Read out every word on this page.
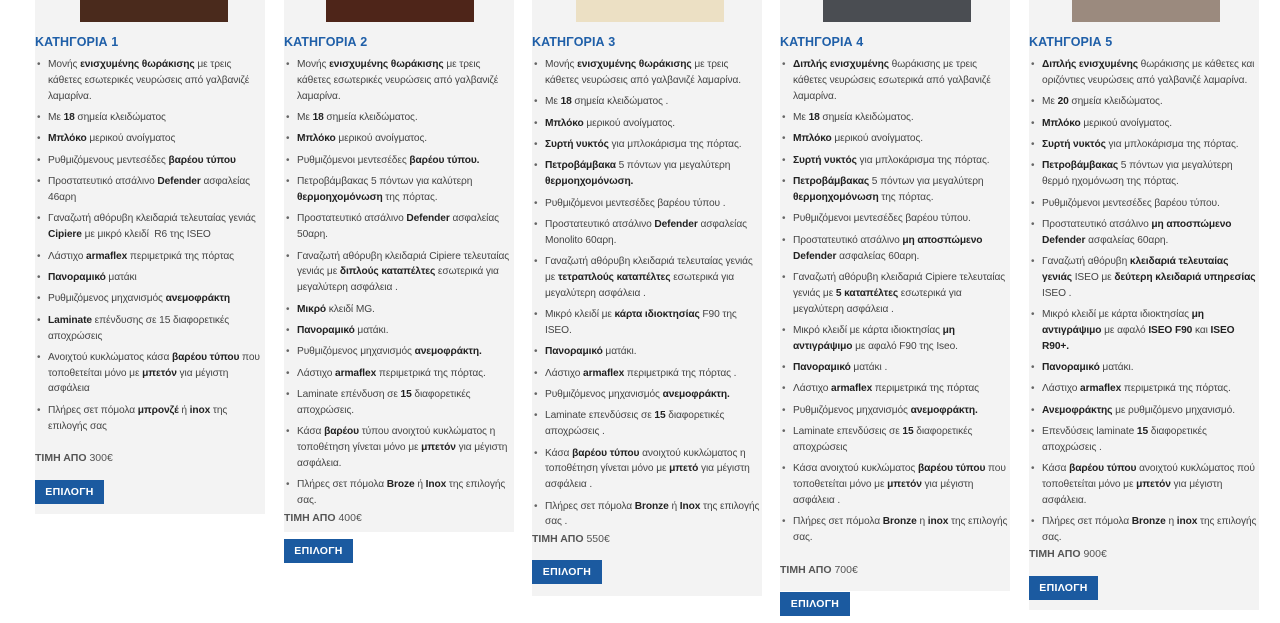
ΚΑΤΗΓΟΡΙΑ 1
• Μονής ενισχυμένης θωράκισης με τρεις κάθετες εσωτερικές νευρώσεις από γαλβανιζέ λαμαρίνα.
• Με 18 σημεία κλειδώματος
• Μπλόκο μερικού ανοίγματος
• Ρυθμιζόμενους μεντεσέδες βαρέου τύπου
• Προστατευτικό ατσάλινο Defender ασφαλείας 46αρη
• Γαναζωτή αθόρυβη κλειδαριά τελευταίας γενιάς Cipiere με μικρό κλειδί  R6 της ISEO
• Λάστιχο armaflex περιμετρικά της πόρτας
• Πανοραμικό ματάκι
• Ρυθμιζόμενος μηχανισμός ανεμοφράκτη
• Laminate επένδυσης σε 15 διαφορετικές αποχρώσεις
• Ανοιχτού κυκλώματος κάσα βαρέου τύπου που τοποθετείται μόνο με μπετόν για μέγιστη ασφάλεια
• Πλήρες σετ πόμολα μπρονζέ ή inox της επιλογής σας
ΤΙΜΗ ΑΠΟ 300€
ΕΠΙΛΟΓΗ
ΚΑΤΗΓΟΡΙΑ 2
• Μονής ενισχυμένης θωράκισης με τρεις κάθετες εσωτερικές νευρώσεις από γαλβανιζέ λαμαρίνα.
• Με 18 σημεία κλειδώματος.
• Μπλόκο μερικού ανοίγματος.
• Ρυθμιζόμενοι μεντεσέδες βαρέου τύπου.
• Πετροβάμβακας 5 πόντων για καλύτερη θερμοηχομόνωση της πόρτας.
• Προστατευτικό ατσάλινο Defender ασφαλείας 50αρη.
• Γαναζωτή αθόρυβη κλειδαριά Cipiere τελευταίας γενιάς με διπλούς καταπέλτες εσωτερικά για μεγαλύτερη ασφάλεια .
• Μικρό κλειδί MG.
• Πανοραμικό ματάκι.
• Ρυθμιζόμενος μηχανισμός ανεμοφράκτη.
• Λάστιχο armaflex περιμετρικά της πόρτας.
• Laminate επένδυση σε 15 διαφορετικές αποχρώσεις.
• Κάσα βαρέου τύπου ανοιχτού κυκλώματος η τοποθέτηση γίνεται μόνο με μπετόν για μέγιστη ασφάλεια.
• Πλήρες σετ πόμολα Broze ή Inox της επιλογής σας.
ΤΙΜΗ ΑΠΟ 400€
ΕΠΙΛΟΓΗ
ΚΑΤΗΓΟΡΙΑ 3
• Μονής ενισχυμένης θωράκισης με τρεις κάθετες νευρώσεις από γαλβανιζέ λαμαρίνα.
• Με 18 σημεία κλειδώματος .
• Μπλόκο μερικού ανοίγματος.
• Συρτή νυκτός για μπλοκάρισμα της πόρτας.
• Πετροβάμβακα 5 πόντων για μεγαλύτερη θερμοηχομόνωση.
• Ρυθμιζόμενοι μεντεσέδες βαρέου τύπου .
• Προστατευτικό ατσάλινο Defender ασφαλείας Monolito 60αρη.
• Γαναζωτή αθόρυβη κλειδαριά τελευταίας γενιάς με τετραπλούς καταπέλτες εσωτερικά για μεγαλύτερη ασφάλεια .
• Μικρό κλειδί με κάρτα ιδιοκτησίας F90 της ISEO.
• Πανοραμικό ματάκι.
• Λάστιχο armaflex περιμετρικά της πόρτας .
• Ρυθμιζόμενος μηχανισμός ανεμοφράκτη.
• Laminate επενδύσεις σε 15 διαφορετικές αποχρώσεις .
• Κάσα βαρέου τύπου ανοιχτού κυκλώματος η τοποθέτηση γίνεται μόνο με μπετό για μέγιστη ασφάλεια .
• Πλήρες σετ πόμολα Bronze ή Inox της επιλογής σας .
ΤΙΜΗ ΑΠΟ 550€
ΕΠΙΛΟΓΗ
ΚΑΤΗΓΟΡΙΑ 4
• Διπλής ενισχυμένης θωράκισης με τρεις κάθετες νευρώσεις εσωτερικά από γαλβανιζέ λαμαρίνα.
• Με 18 σημεία κλειδώματος.
• Μπλόκο μερικού ανοίγματος.
• Συρτή νυκτός για μπλοκάρισμα της πόρτας.
• Πετροβάμβακας 5 πόντων για μεγαλύτερη θερμοηχομόνωση της πόρτας.
• Ρυθμιζόμενοι μεντεσέδες βαρέου τύπου.
• Προστατευτικό ατσάλινο μη αποσπώμενο Defender ασφαλείας 60αρη.
• Γαναζωτή αθόρυβη κλειδαριά Cipiere τελευταίας γενιάς με 5 καταπέλτες εσωτερικά για μεγαλύτερη ασφάλεια .
• Μικρό κλειδί με κάρτα ιδιοκτησίας μη αντιγράψιμο με αφαλό F90 της Iseo.
• Πανοραμικό ματάκι .
• Λάστιχο armaflex περιμετρικά της πόρτας
• Ρυθμιζόμενος μηχανισμός ανεμοφράκτη.
• Laminate επενδύσεις σε 15 διαφορετικές αποχρώσεις
• Κάσα ανοιχτού κυκλώματος βαρέου τύπου που τοποθετείται μόνο με μπετόν για μέγιστη ασφάλεια .
• Πλήρες σετ πόμολα Bronze η inox της επιλογής σας.
ΤΙΜΗ ΑΠΟ 700€
ΕΠΙΛΟΓΗ
ΚΑΤΗΓΟΡΙΑ 5
• Διπλής ενισχυμένης θωράκισης με κάθετες και οριζόντιες νευρώσεις από γαλβανιζέ λαμαρίνα.
• Με 20 σημεία κλειδώματος.
• Μπλόκο μερικού ανοίγματος.
• Συρτή νυκτός για μπλοκάρισμα της πόρτας.
• Πετροβάμβακας 5 πόντων για μεγαλύτερη θερμό ηχομόνωση της πόρτας.
• Ρυθμιζόμενοι μεντεσέδες βαρέου τύπου.
• Προστατευτικό ατσάλινο μη αποσπώμενο Defender ασφαλείας 60αρη.
• Γαναζωτή αθόρυβη κλειδαριά τελευταίας γενιάς ISEO με δεύτερη κλειδαριά υπηρεσίας ISEO .
• Μικρό κλειδί με κάρτα ιδιοκτησίας μη αντιγράψιμο με αφαλό ISEO F90 και ISEO R90+.
• Πανοραμικό ματάκι.
• Λάστιχο armaflex περιμετρικά της πόρτας.
• Ανεμοφράκτης με ρυθμιζόμενο μηχανισμό.
• Επενδύσεις laminate 15 διαφορετικές αποχρώσεις .
• Κάσα βαρέου τύπου ανοιχτού κυκλώματος πού τοποθετείται μόνο με μπετόν για μέγιστη ασφάλεια.
• Πλήρες σετ πόμολα Bronze η inox της επιλογής σας.
ΤΙΜΗ ΑΠΟ 900€
ΕΠΙΛΟΓΗ
